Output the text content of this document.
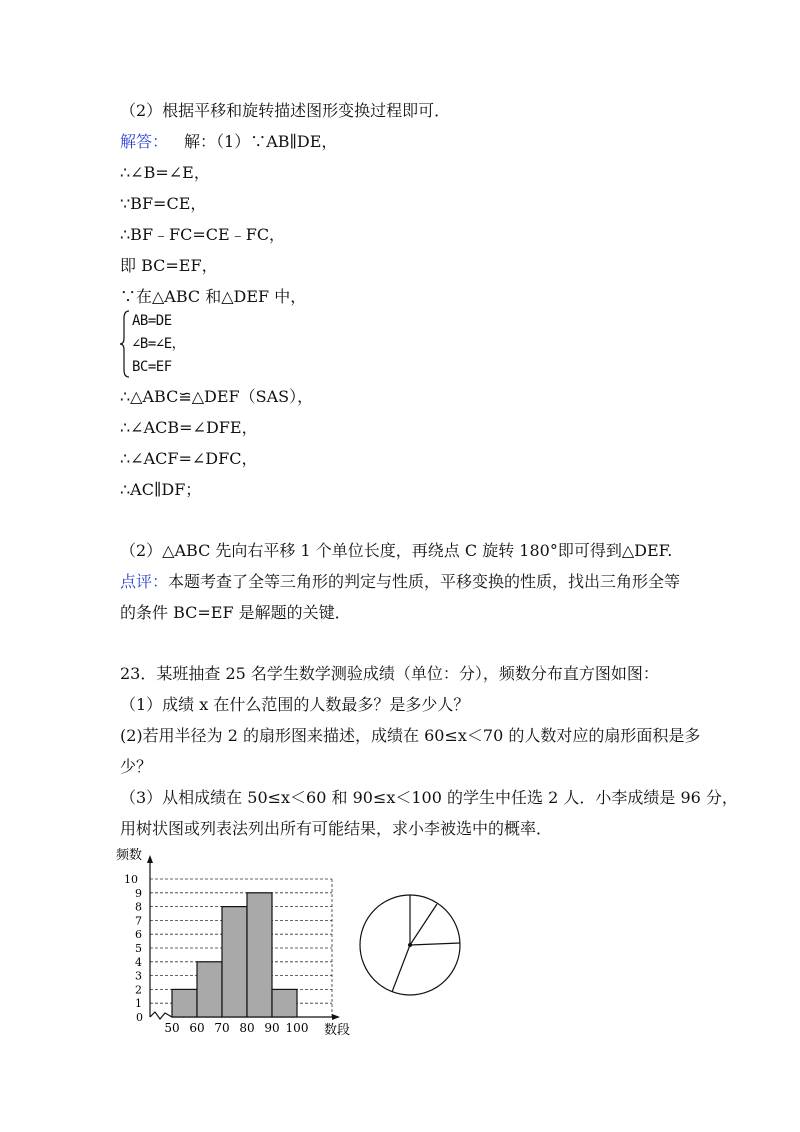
（2）根据平移和旋转描述图形变换过程即可．
解答： 解：（1）∵AB∥DE，
∴∠B=∠E，
∵BF=CE，
∴BF﹣FC=CE﹣FC，
即 BC=EF，
∵在△ABC 和△DEF 中，
AB=DE
∠B=∠E，
BC=EF
∴△ABC≌△DEF（SAS），
∴∠ACB=∠DFE，
∴∠ACF=∠DFC，
∴AC∥DF；
（2）△ABC 先向右平移 1 个单位长度，再绕点 C 旋转 180°即可得到△DEF.
点评：本题考查了全等三角形的判定与性质，平移变换的性质，找出三角形全等
的条件 BC=EF 是解题的关键．
23．某班抽查 25 名学生数学测验成绩（单位：分），频数分布直方图如图：
（1）成绩 x 在什么范围的人数最多？是多少人？
(2)若用半径为 2 的扇形图来描述，成绩在 60≤x＜70 的人数对应的扇形面积是多
少？
（3）从相成绩在 50≤x＜60 和 90≤x＜100 的学生中任选 2 人．小李成绩是 96 分，
用树状图或列表法列出所有可能结果，求小李被选中的概率．
频数
0
1
2
3
4
5
6
7
8
9
10
50 60 70 80 90 100 数段
